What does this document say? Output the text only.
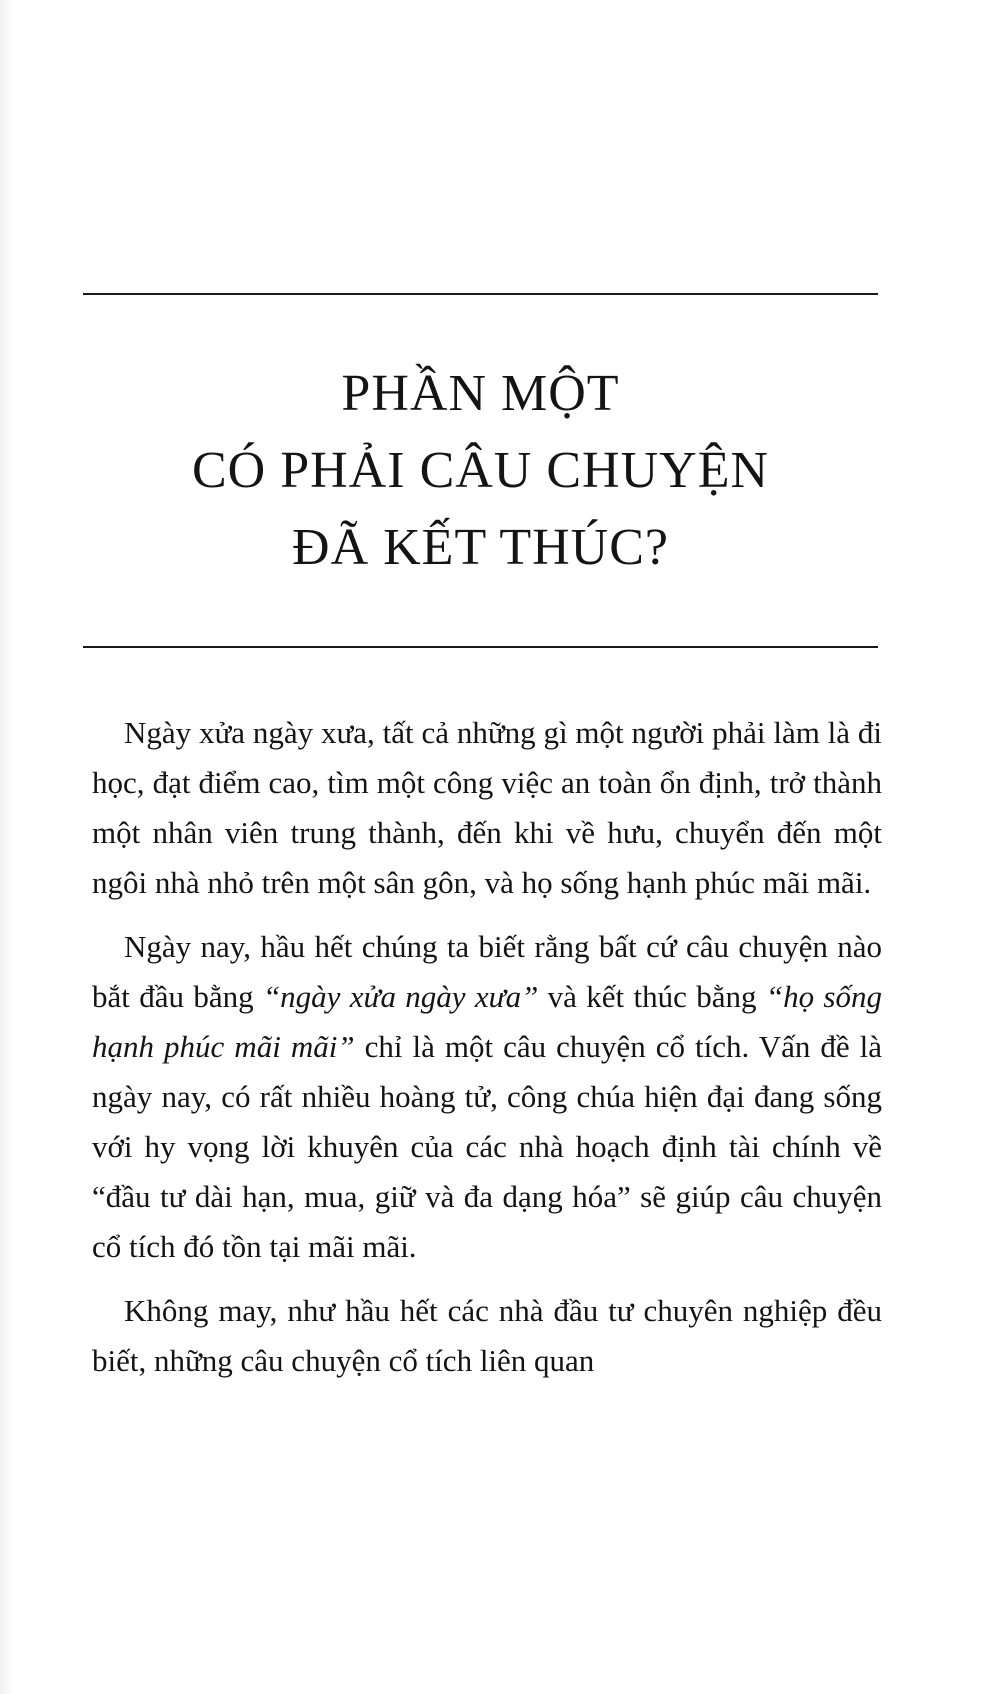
PHẦN MỘT
CÓ PHẢI CÂU CHUYỆN
ĐÃ KẾT THÚC?

Ngày xửa ngày xưa, tất cả những gì một người phải làm là đi học, đạt điểm cao, tìm một công việc an toàn ổn định, trở thành một nhân viên trung thành, đến khi về hưu, chuyển đến một ngôi nhà nhỏ trên một sân gôn, và họ sống hạnh phúc mãi mãi.

Ngày nay, hầu hết chúng ta biết rằng bất cứ câu chuyện nào bắt đầu bằng “ngày xửa ngày xưa” và kết thúc bằng “họ sống hạnh phúc mãi mãi” chỉ là một câu chuyện cổ tích. Vấn đề là ngày nay, có rất nhiều hoàng tử, công chúa hiện đại đang sống với hy vọng lời khuyên của các nhà hoạch định tài chính về “đầu tư dài hạn, mua, giữ và đa dạng hóa” sẽ giúp câu chuyện cổ tích đó tồn tại mãi mãi.

Không may, như hầu hết các nhà đầu tư chuyên nghiệp đều biết, những câu chuyện cổ tích liên quan
